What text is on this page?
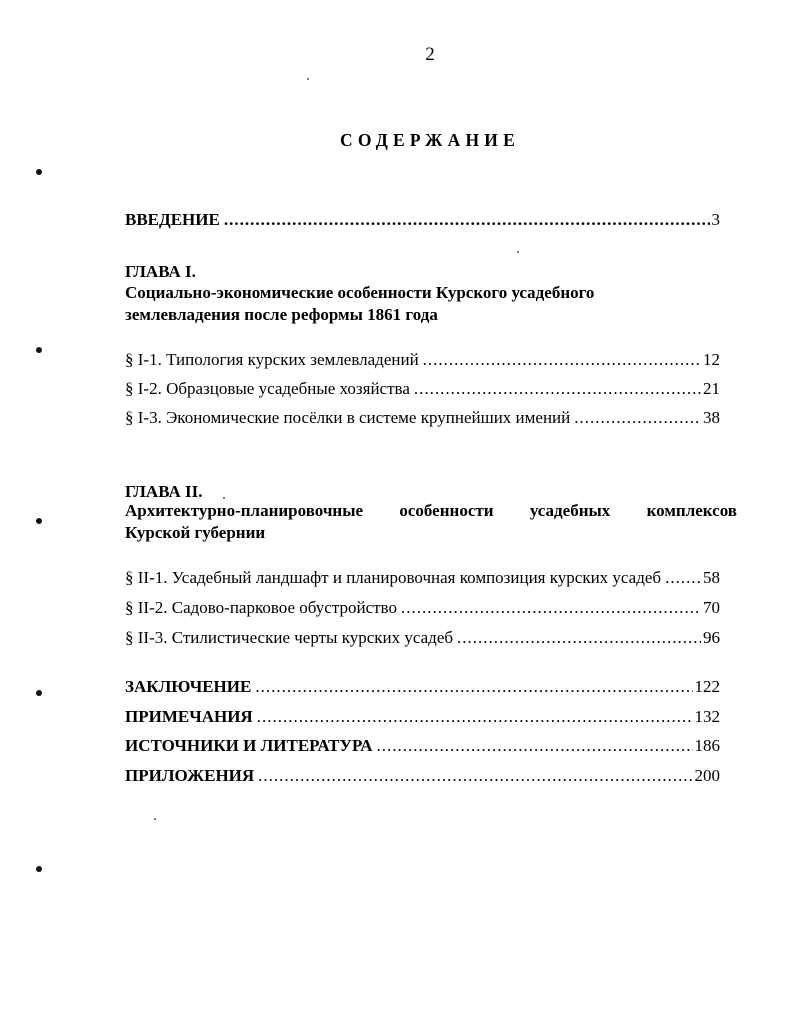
2
СОДЕРЖАНИЕ
ВВЕДЕНИЕ .....	3
ГЛАВА I.
Социально-экономические особенности Курского усадебного
землевладения после реформы 1861 года
§ I-1. Типология курских землевладений .....	12
§ I-2. Образцовые усадебные хозяйства .....	21
§ I-3. Экономические посёлки в системе крупнейших имений .....	38
ГЛАВА II.
Архитектурно-планировочные особенности усадебных комплексов
Курской губернии
§ II-1. Усадебный ландшафт и планировочная композиция курских усадеб ..... 58
§ II-2. Садово-парковое обустройство .....	70
§ II-3. Стилистические черты курских усадеб .....	96
ЗАКЛЮЧЕНИЕ .....	122
ПРИМЕЧАНИЯ .....	132
ИСТОЧНИКИ И ЛИТЕРАТУРА .....	186
ПРИЛОЖЕНИЯ .....	200
